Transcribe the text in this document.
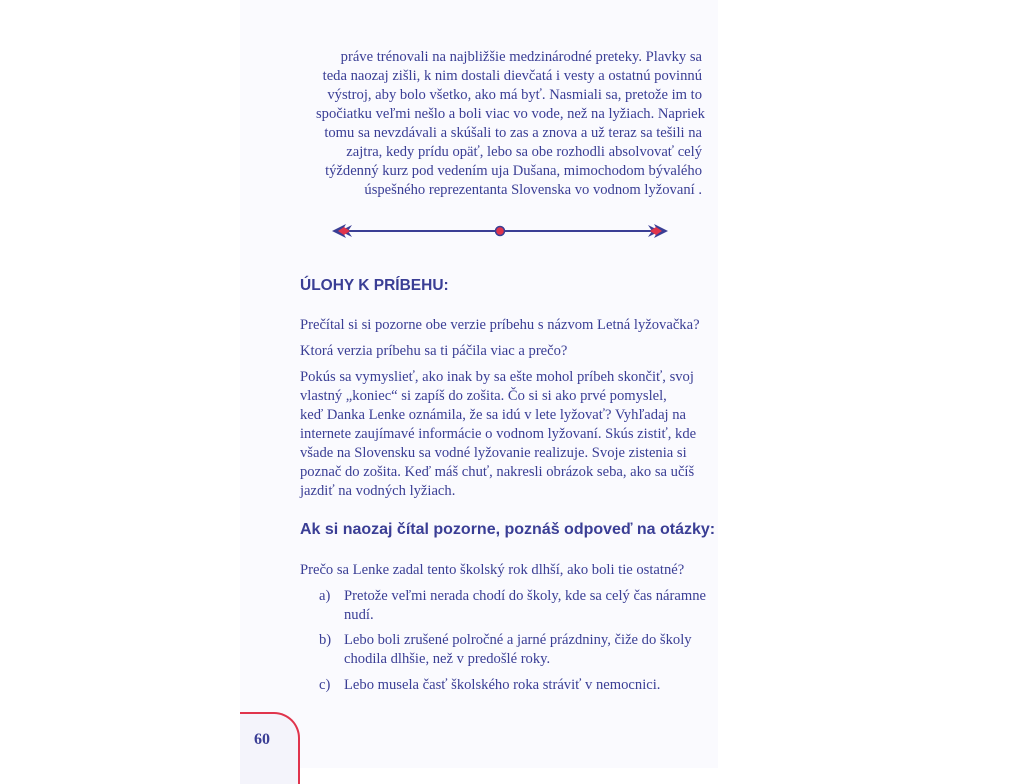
práve trénovali na najbližšie medzinárodné preteky. Plavky sa
teda naozaj zišli, k nim dostali dievčatá i vesty a ostatnú povinnú
výstroj, aby bolo všetko, ako má byť. Nasmiali sa, pretože im to
spočiatku veľmi nešlo a boli viac vo vode, než na lyžiach. Napriek
tomu sa nevzdávali a skúšali to zas a znova a už teraz sa tešili na
zajtra, kedy prídu opäť, lebo sa obe rozhodli absolvovať celý
týždenný kurz pod vedením uja Dušana, mimochodom bývalého
úspešného reprezentanta Slovenska vo vodnom lyžovaní .

ÚLOHY K PRÍBEHU:

Prečítal si si pozorne obe verzie príbehu s názvom Letná lyžovačka?

Ktorá verzia príbehu sa ti páčila viac a prečo?

Pokús sa vymyslieť, ako inak by sa ešte mohol príbeh skončiť, svoj
vlastný „koniec“ si zapíš do zošita. Čo si si ako prvé pomyslel,
keď Danka Lenke oznámila, že sa idú v lete lyžovať? Vyhľadaj na
internete zaujímavé informácie o vodnom lyžovaní. Skús zistiť, kde
všade na Slovensku sa vodné lyžovanie realizuje. Svoje zistenia si
poznač do zošita. Keď máš chuť, nakresli obrázok seba, ako sa učíš
jazdiť na vodných lyžiach.

Ak si naozaj čítal pozorne, poznáš odpoveď na otázky:

Prečo sa Lenke zadal tento školský rok dlhší, ako boli tie ostatné?

a) Pretože veľmi nerada chodí do školy, kde sa celý čas náramne
nudí.
b) Lebo boli zrušené polročné a jarné prázdniny, čiže do školy
chodila dlhšie, než v predošlé roky.
c) Lebo musela časť školského roka stráviť v nemocnici.
60
